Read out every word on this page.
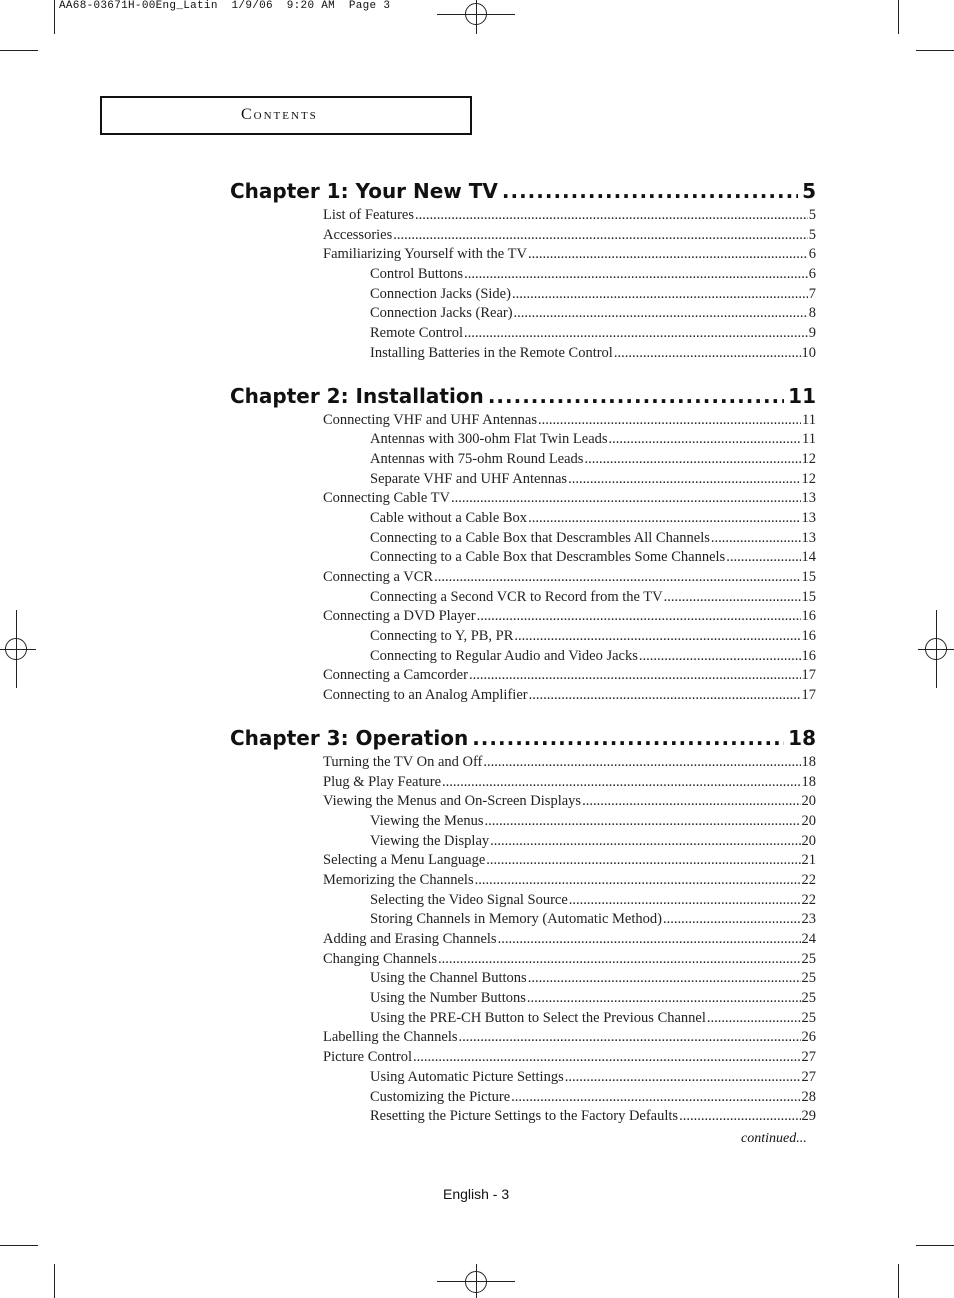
AA68-03671H-00Eng_Latin  1/9/06  9:20 AM  Page 3
Contents
Chapter 1: Your New TV .....	5
List of Features .....	5
Accessories .....	5
Familiarizing Yourself with the TV .....	6
Control Buttons .....	6
Connection Jacks (Side) .....	7
Connection Jacks (Rear) .....	8
Remote Control .....	9
Installing Batteries in the Remote Control .....	10
Chapter 2: Installation .....	11
Connecting VHF and UHF Antennas .....	11
Antennas with 300-ohm Flat Twin Leads .....	11
Antennas with 75-ohm Round Leads .....	12
Separate VHF and UHF Antennas .....	12
Connecting Cable TV .....	13
Cable without a Cable Box .....	13
Connecting to a Cable Box that Descrambles All Channels .....	13
Connecting to a Cable Box that Descrambles Some Channels .....	14
Connecting a VCR .....	15
Connecting a Second VCR to Record from the TV .....	15
Connecting a DVD Player .....	16
Connecting to Y, PB, PR .....	16
Connecting to Regular Audio and Video Jacks .....	16
Connecting a Camcorder .....	17
Connecting to an Analog Amplifier .....	17
Chapter 3: Operation .....	18
Turning the TV On and Off .....	18
Plug & Play Feature .....	18
Viewing the Menus and On-Screen Displays .....	20
Viewing the Menus .....	20
Viewing the Display .....	20
Selecting a Menu Language .....	21
Memorizing the Channels .....	22
Selecting the Video Signal Source .....	22
Storing Channels in Memory (Automatic Method) .....	23
Adding and Erasing Channels .....	24
Changing Channels .....	25
Using the Channel Buttons .....	25
Using the Number Buttons .....	25
Using the PRE-CH Button to Select the Previous Channel .....	25
Labelling the Channels .....	26
Picture Control .....	27
Using Automatic Picture Settings .....	27
Customizing the Picture .....	28
Resetting the Picture Settings to the Factory Defaults .....	29
continued...
English - 3
